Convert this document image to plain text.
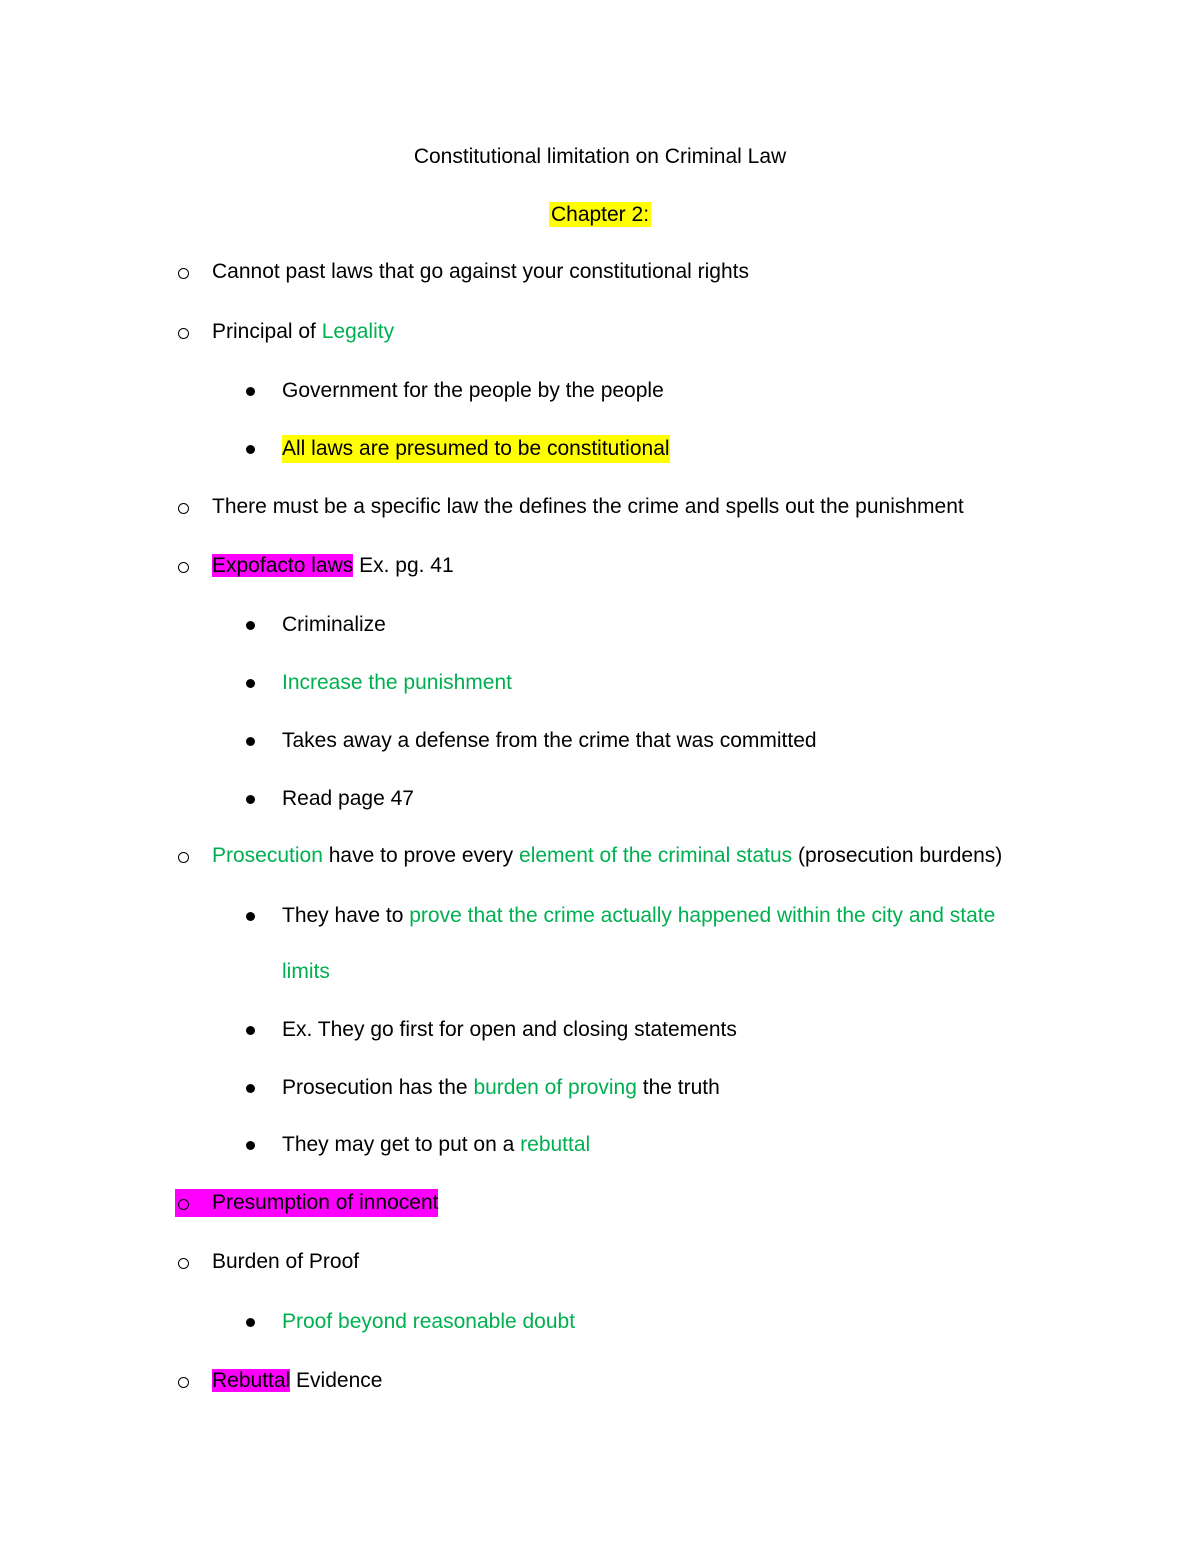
Constitutional limitation on Criminal Law
Chapter 2:
Cannot past laws that go against your constitutional rights
Principal of Legality
Government for the people by the people
All laws are presumed to be constitutional
There must be a specific law the defines the crime and spells out the punishment
Expofacto laws Ex. pg. 41
Criminalize
Increase the punishment
Takes away a defense from the crime that was committed
Read page 47
Prosecution have to prove every element of the criminal status (prosecution burdens)
They have to prove that the crime actually happened within the city and state
limits
Ex. They go first for open and closing statements
Prosecution has the burden of proving the truth
They may get to put on a rebuttal
Presumption of innocent
Burden of Proof
Proof beyond reasonable doubt
Rebuttal Evidence
